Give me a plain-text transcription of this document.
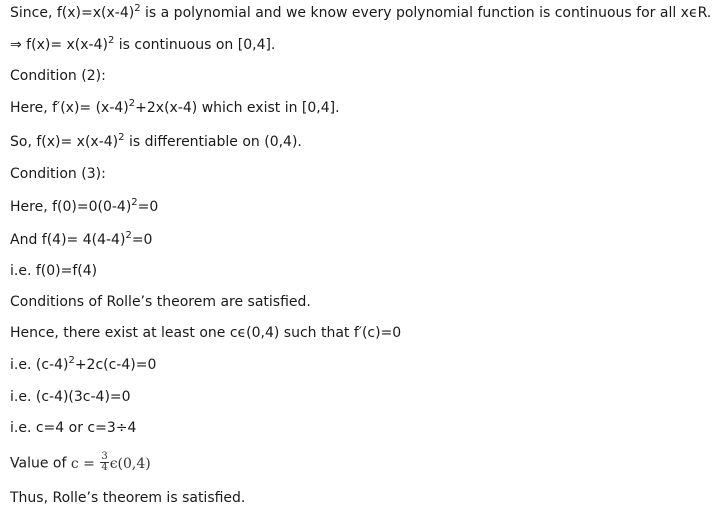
Since, $f(x)=x(x-4)^2$ is a polynomial and we know every polynomial function is continuous for all xϵR.
⇒ $f(x)= x(x-4)^2$ is continuous on [0,4].
Condition (2):
Here, $f'(x)= (x-4)^2+2x(x-4)$ which exist in [0,4].
So, $f(x)= x(x-4)^2$ is differentiable on (0,4).
Condition (3):
Here, $f(0)=0(0-4)^2=0$
And $f(4)= 4(4-4)^2=0$
i.e. f(0)=f(4)
Conditions of Rolle’s theorem are satisfied.
Hence, there exist at least one cϵ(0,4) such that f′(c)=0
i.e. $(c-4)^2+2c(c-4)=0$
i.e. (c-4)(3c-4)=0
i.e. c=4 or c=3÷4
Value of $c = \frac{3}{4} \epsilon(0,4)$
Thus, Rolle’s theorem is satisfied.
